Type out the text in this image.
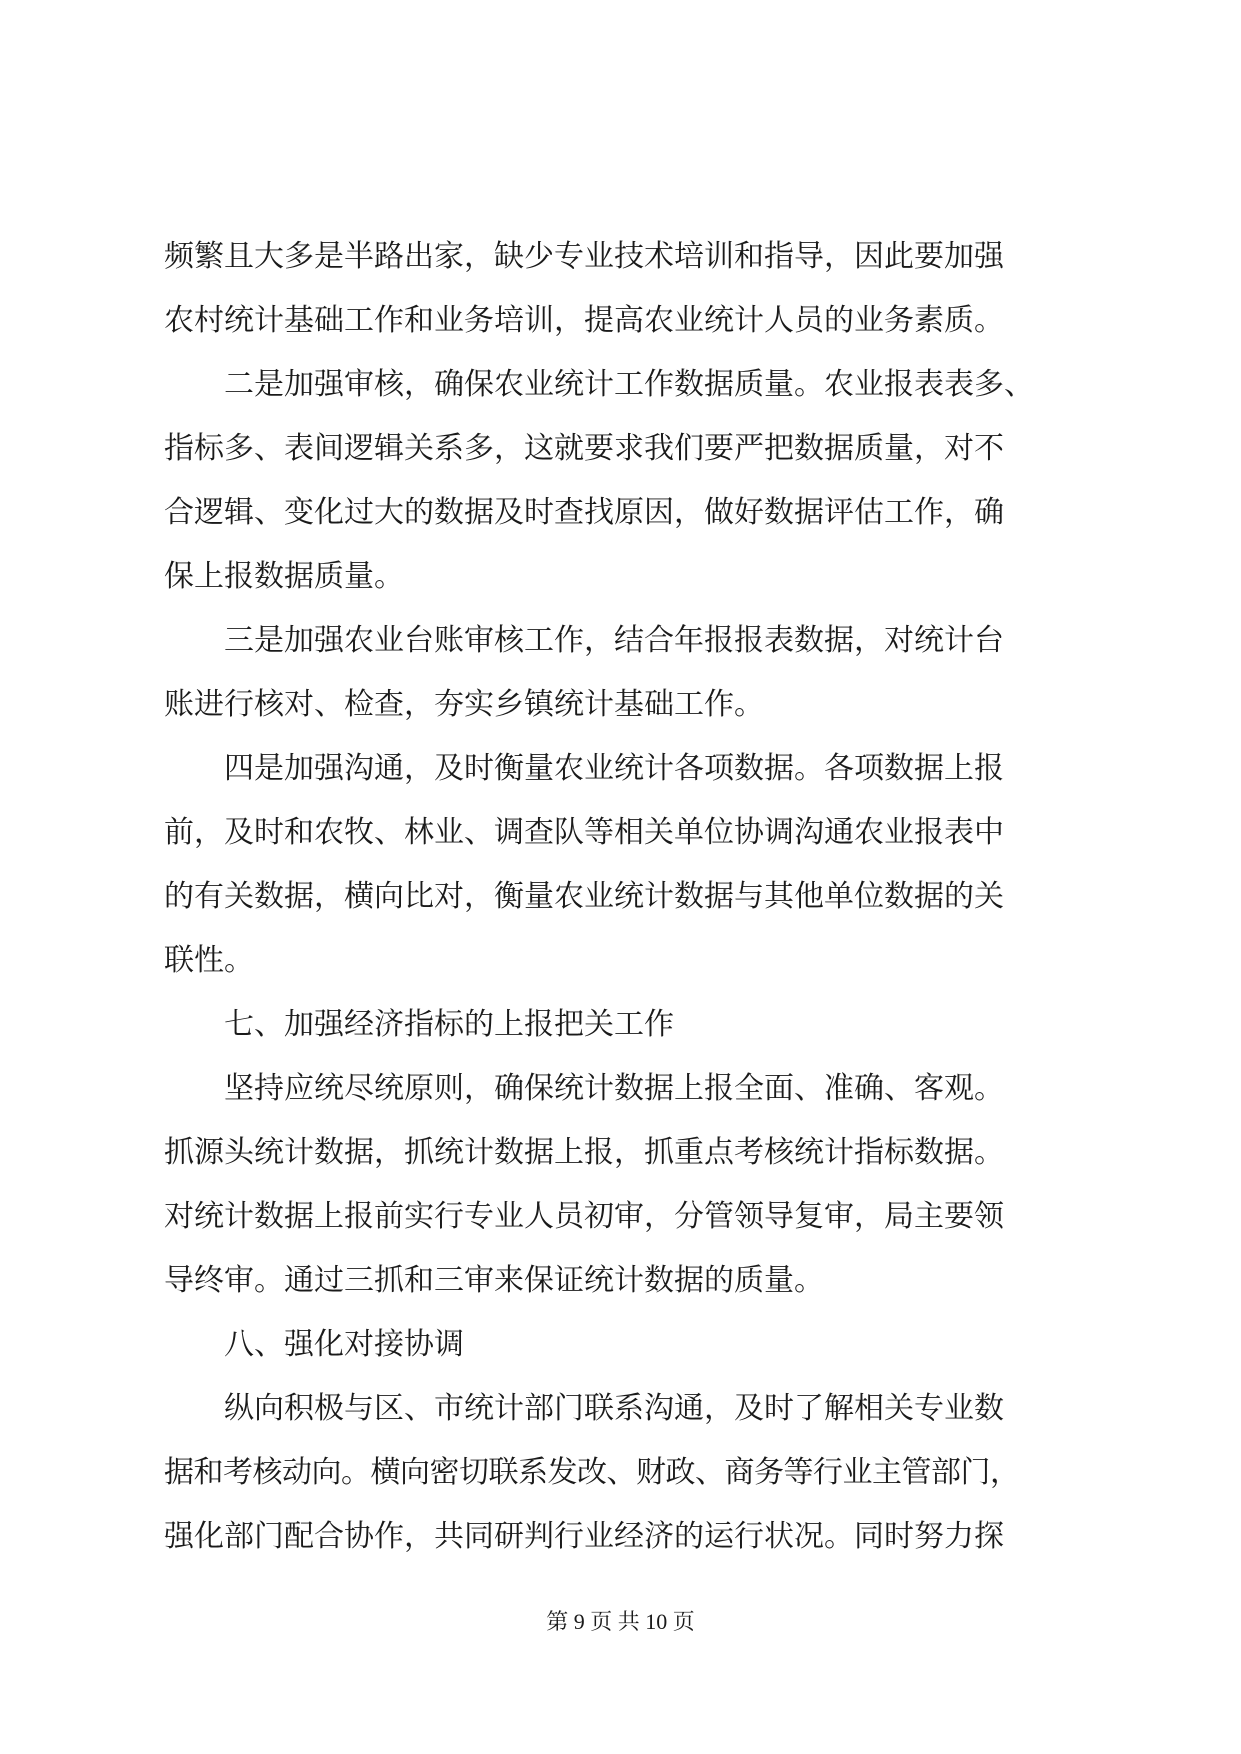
频繁且大多是半路出家，缺少专业技术培训和指导，因此要加强
农村统计基础工作和业务培训，提高农业统计人员的业务素质。
　　二是加强审核，确保农业统计工作数据质量。农业报表表多、
指标多、表间逻辑关系多，这就要求我们要严把数据质量，对不
合逻辑、变化过大的数据及时查找原因，做好数据评估工作，确
保上报数据质量。
　　三是加强农业台账审核工作，结合年报报表数据，对统计台
账进行核对、检查，夯实乡镇统计基础工作。
　　四是加强沟通，及时衡量农业统计各项数据。各项数据上报
前，及时和农牧、林业、调查队等相关单位协调沟通农业报表中
的有关数据，横向比对，衡量农业统计数据与其他单位数据的关
联性。
　　七、加强经济指标的上报把关工作
　　坚持应统尽统原则，确保统计数据上报全面、准确、客观。
抓源头统计数据，抓统计数据上报，抓重点考核统计指标数据。
对统计数据上报前实行专业人员初审，分管领导复审，局主要领
导终审。通过三抓和三审来保证统计数据的质量。
　　八、强化对接协调
　　纵向积极与区、市统计部门联系沟通，及时了解相关专业数
据和考核动向。横向密切联系发改、财政、商务等行业主管部门，
强化部门配合协作，共同研判行业经济的运行状况。同时努力探
第 9 页 共 10 页
